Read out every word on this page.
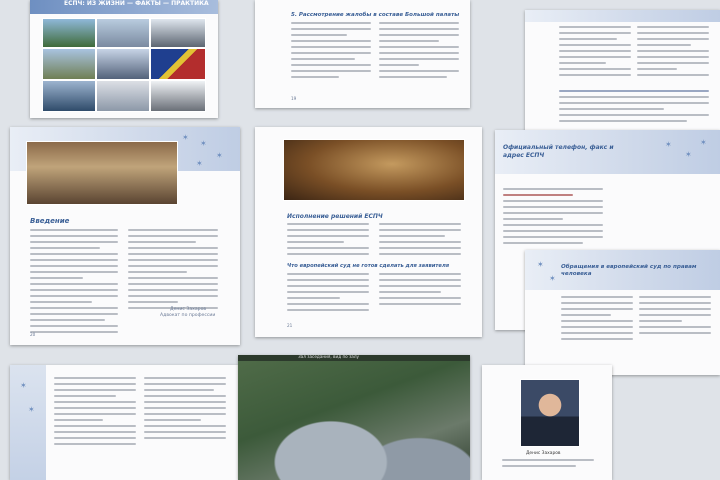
ЕСПЧ: ИЗ ЖИЗНИ — ФАКТЫ — ПРАКТИКА
5. Рассмотрение жалобы в составе Большой палаты
19
✶
✶
✶
✶
Введение
Денис Захаров
Адвокат по профессии
20
Исполнение решений ЕСПЧ
Что европейский суд не готов сделать для заявителя
21
✶
✶
✶
Официальный телефон, факс и адрес ЕСПЧ
✶
✶
Обращения в европейский суд по правам человека
✶
✶
Зал заседания, вид по залу
Денис Захаров
